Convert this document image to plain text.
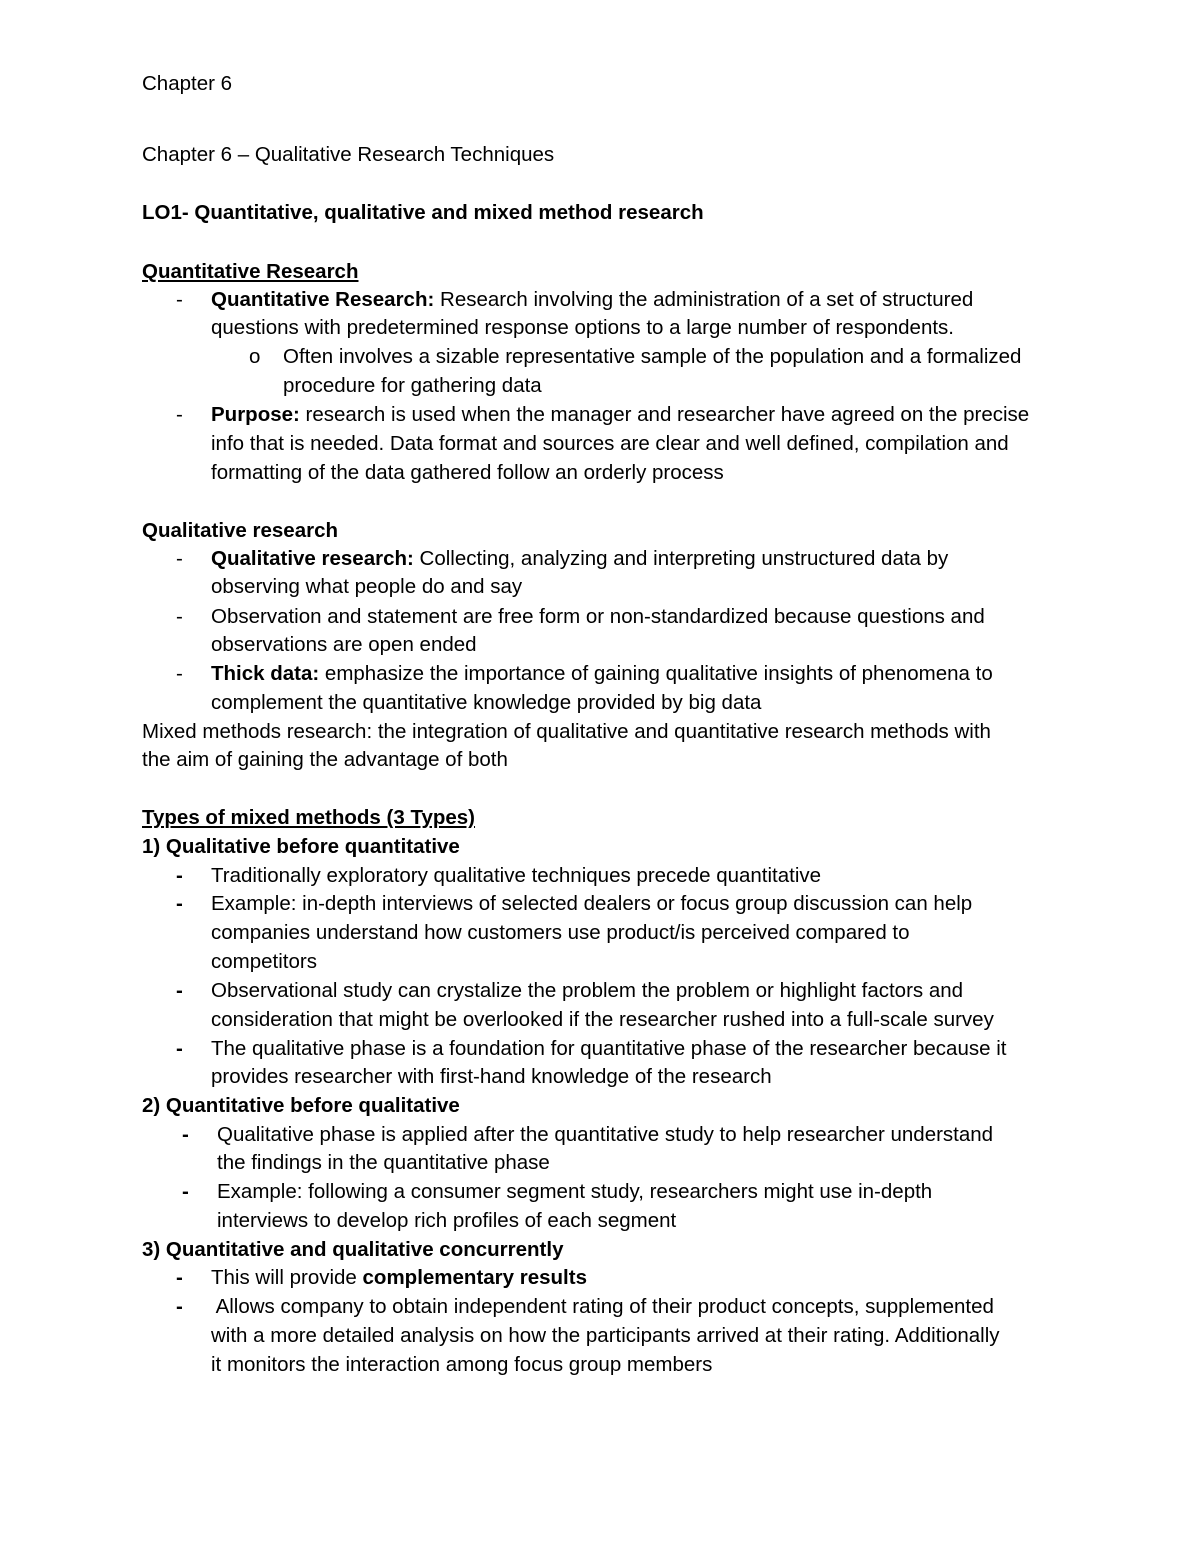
Chapter 6
Chapter 6 – Qualitative Research Techniques
LO1- Quantitative, qualitative and mixed method research
Quantitative Research
- Quantitative Research: Research involving the administration of a set of structured
questions with predetermined response options to a large number of respondents.
o Often involves a sizable representative sample of the population and a formalized
procedure for gathering data
- Purpose: research is used when the manager and researcher have agreed on the precise
info that is needed. Data format and sources are clear and well defined, compilation and
formatting of the data gathered follow an orderly process
Qualitative research
- Qualitative research: Collecting, analyzing and interpreting unstructured data by
observing what people do and say
- Observation and statement are free form or non-standardized because questions and
observations are open ended
- Thick data: emphasize the importance of gaining qualitative insights of phenomena to
complement the quantitative knowledge provided by big data
Mixed methods research: the integration of qualitative and quantitative research methods with
the aim of gaining the advantage of both
Types of mixed methods (3 Types)
1) Qualitative before quantitative
- Traditionally exploratory qualitative techniques precede quantitative
- Example: in-depth interviews of selected dealers or focus group discussion can help
companies understand how customers use product/is perceived compared to
competitors
- Observational study can crystalize the problem the problem or highlight factors and
consideration that might be overlooked if the researcher rushed into a full-scale survey
- The qualitative phase is a foundation for quantitative phase of the researcher because it
provides researcher with first-hand knowledge of the research
2) Quantitative before qualitative
- Qualitative phase is applied after the quantitative study to help researcher understand
the findings in the quantitative phase
- Example: following a consumer segment study, researchers might use in-depth
interviews to develop rich profiles of each segment
3) Quantitative and qualitative concurrently
- This will provide complementary results
- Allows company to obtain independent rating of their product concepts, supplemented
with a more detailed analysis on how the participants arrived at their rating. Additionally
it monitors the interaction among focus group members
